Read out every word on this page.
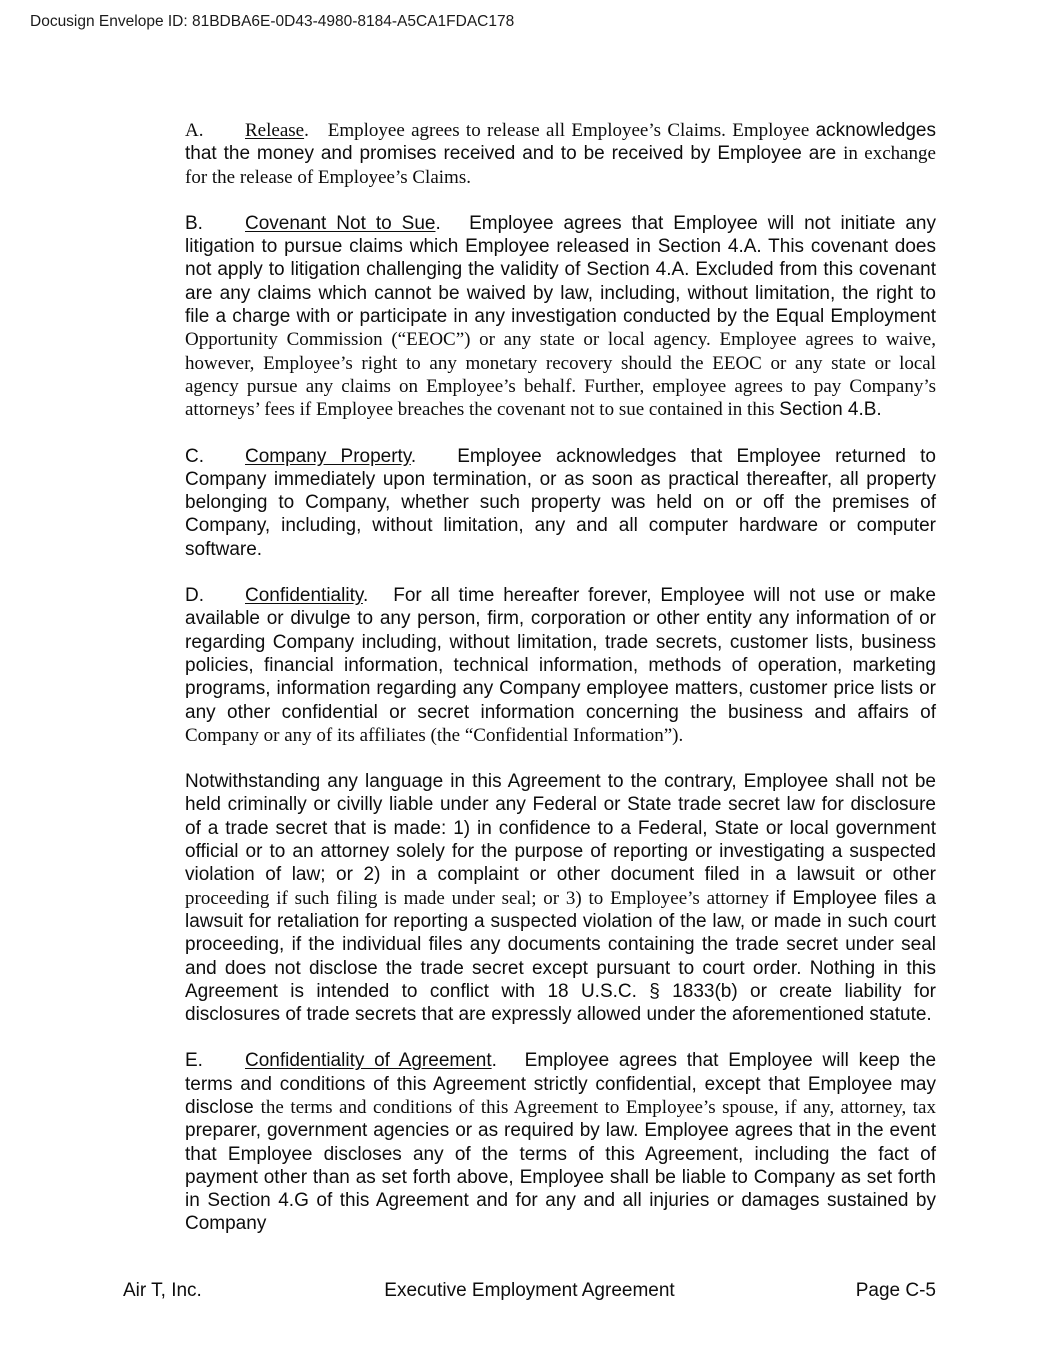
Docusign Envelope ID: 81BDBA6E-0D43-4980-8184-A5CA1FDAC178

A. Release. Employee agrees to release all Employee’s Claims. Employee acknowledges that the money and promises received and to be received by Employee are in exchange for the release of Employee’s Claims.

B. Covenant Not to Sue. Employee agrees that Employee will not initiate any litigation to pursue claims which Employee released in Section 4.A. This covenant does not apply to litigation challenging the validity of Section 4.A. Excluded from this covenant are any claims which cannot be waived by law, including, without limitation, the right to file a charge with or participate in any investigation conducted by the Equal Employment Opportunity Commission (“EEOC”) or any state or local agency. Employee agrees to waive, however, Employee’s right to any monetary recovery should the EEOC or any state or local agency pursue any claims on Employee’s behalf. Further, employee agrees to pay Company’s attorneys’ fees if Employee breaches the covenant not to sue contained in this Section 4.B.

C. Company Property. Employee acknowledges that Employee returned to Company immediately upon termination, or as soon as practical thereafter, all property belonging to Company, whether such property was held on or off the premises of Company, including, without limitation, any and all computer hardware or computer software.

D. Confidentiality. For all time hereafter forever, Employee will not use or make available or divulge to any person, firm, corporation or other entity any information of or regarding Company including, without limitation, trade secrets, customer lists, business policies, financial information, technical information, methods of operation, marketing programs, information regarding any Company employee matters, customer price lists or any other confidential or secret information concerning the business and affairs of Company or any of its affiliates (the “Confidential Information”).

Notwithstanding any language in this Agreement to the contrary, Employee shall not be held criminally or civilly liable under any Federal or State trade secret law for disclosure of a trade secret that is made: 1) in confidence to a Federal, State or local government official or to an attorney solely for the purpose of reporting or investigating a suspected violation of law; or 2) in a complaint or other document filed in a lawsuit or other proceeding if such filing is made under seal; or 3) to Employee’s attorney if Employee files a lawsuit for retaliation for reporting a suspected violation of the law, or made in such court proceeding, if the individual files any documents containing the trade secret under seal and does not disclose the trade secret except pursuant to court order. Nothing in this Agreement is intended to conflict with 18 U.S.C. § 1833(b) or create liability for disclosures of trade secrets that are expressly allowed under the aforementioned statute.

E. Confidentiality of Agreement. Employee agrees that Employee will keep the terms and conditions of this Agreement strictly confidential, except that Employee may disclose the terms and conditions of this Agreement to Employee’s spouse, if any, attorney, tax preparer, government agencies or as required by law. Employee agrees that in the event that Employee discloses any of the terms of this Agreement, including the fact of payment other than as set forth above, Employee shall be liable to Company as set forth in Section 4.G of this Agreement and for any and all injuries or damages sustained by Company

Air T, Inc.	Executive Employment Agreement	Page C-5
